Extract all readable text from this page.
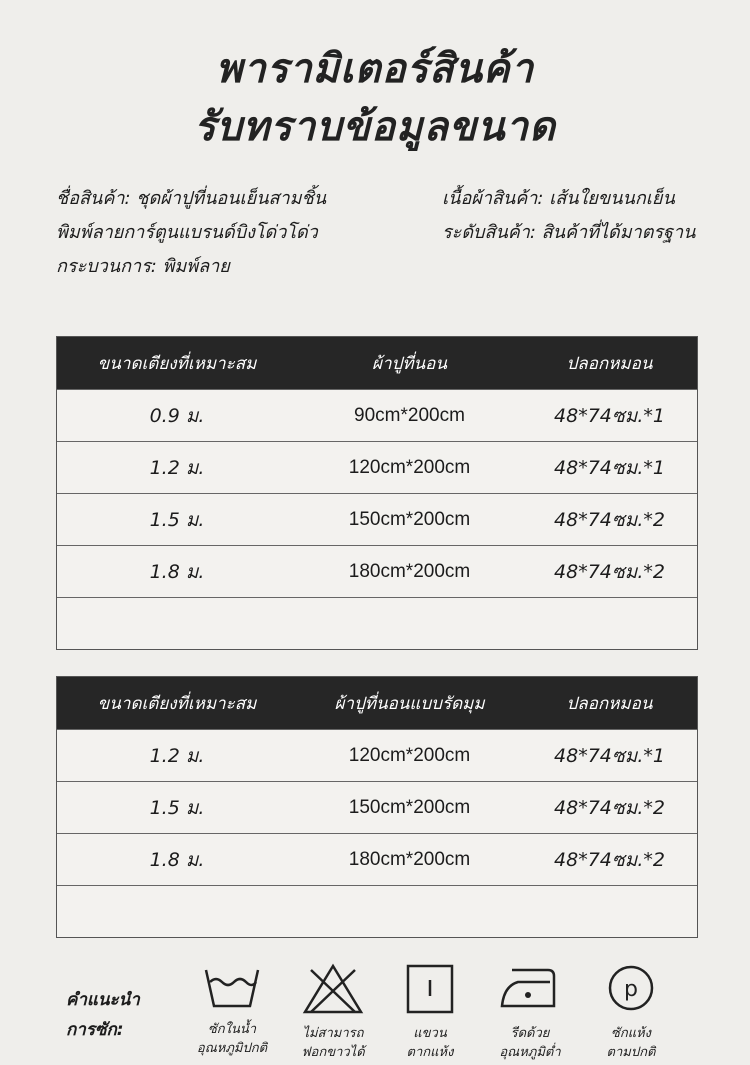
พารามิเตอร์สินค้า
รับทราบข้อมูลขนาด
ชื่อสินค้า: ชุดผ้าปูที่นอนเย็นสามชิ้น
พิมพ์ลายการ์ตูนแบรนด์บิงโด่วโด่ว
กระบวนการ: พิมพ์ลาย
เนื้อผ้าสินค้า: เส้นใยขนนกเย็น
ระดับสินค้า: สินค้าที่ได้มาตรฐาน
ขนาดเตียงที่เหมาะสม	ผ้าปูที่นอน	ปลอกหมอน
0.9 ม.	90cm*200cm	48*74ซม.*1
1.2 ม.	120cm*200cm	48*74ซม.*1
1.5 ม.	150cm*200cm	48*74ซม.*2
1.8 ม.	180cm*200cm	48*74ซม.*2
ขนาดเตียงที่เหมาะสม	ผ้าปูที่นอนแบบรัดมุม	ปลอกหมอน
1.2 ม.	120cm*200cm	48*74ซม.*1
1.5 ม.	150cm*200cm	48*74ซม.*2
1.8 ม.	180cm*200cm	48*74ซม.*2
คำแนะนำ
การซัก:	ซักในน้ำ
อุณหภูมิปกติ
ไม่สามารถ
ฟอกขาวได้
แขวน
ตากแห้ง
รีดด้วย
อุณหภูมิต่ำ
p
ซักแห้ง
ตามปกติ
